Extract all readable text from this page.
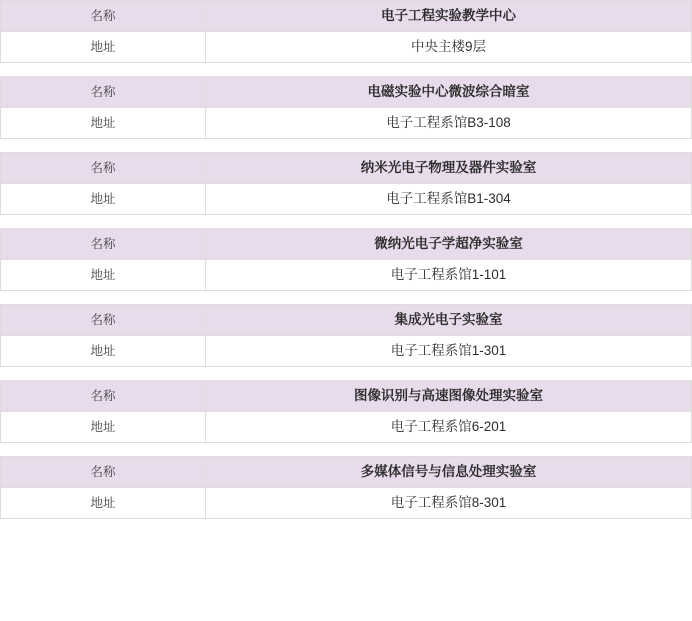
名称	电子工程实验教学中心
地址	中央主楼9层
名称	电磁实验中心微波综合暗室
地址	电子工程系馆B3-108
名称	纳米光电子物理及器件实验室
地址	电子工程系馆B1-304
名称	微纳光电子学超净实验室
地址	电子工程系馆1-101
名称	集成光电子实验室
地址	电子工程系馆1-301
名称	图像识别与高速图像处理实验室
地址	电子工程系馆6-201
名称	多媒体信号与信息处理实验室
地址	电子工程系馆8-301
